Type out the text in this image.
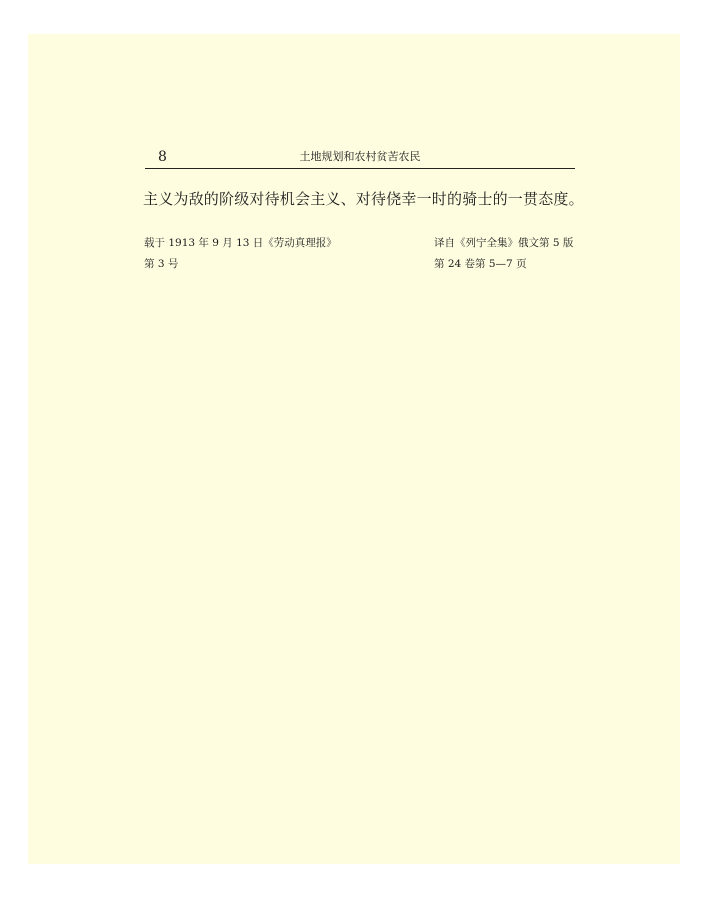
8	土地规划和农村贫苦农民
主义为敌的阶级对待机会主义、对待侥幸一时的骑士的一贯态度。
载于 1913 年 9 月 13 日《劳动真理报》
第 3 号
译自《列宁全集》俄文第 5 版
第 24 卷第 5—7 页
